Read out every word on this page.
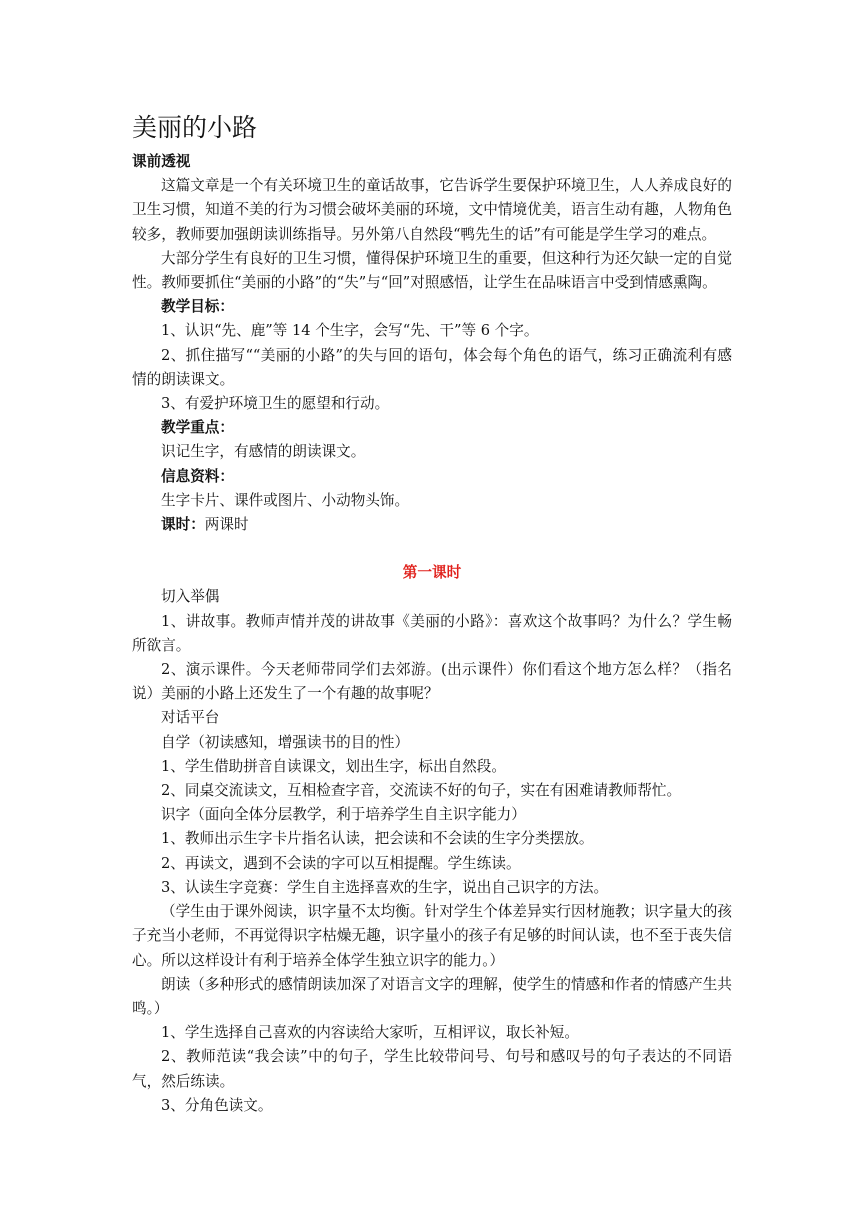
美丽的小路

课前透视

这篇文章是一个有关环境卫生的童话故事，它告诉学生要保护环境卫生，人人养成良好的卫生习惯，知道不美的行为习惯会破坏美丽的环境，文中情境优美，语言生动有趣，人物角色较多，教师要加强朗读训练指导。另外第八自然段“鸭先生的话”有可能是学生学习的难点。

大部分学生有良好的卫生习惯，懂得保护环境卫生的重要，但这种行为还欠缺一定的自觉性。教师要抓住“美丽的小路”的“失”与“回”对照感悟，让学生在品味语言中受到情感熏陶。

教学目标：

1、认识“先、鹿”等 14 个生字，会写“先、干”等 6 个字。

2、抓住描写““美丽的小路”的失与回的语句，体会每个角色的语气，练习正确流利有感情的朗读课文。

3、有爱护环境卫生的愿望和行动。

教学重点：

识记生字，有感情的朗读课文。

信息资料：

生字卡片、课件或图片、小动物头饰。

课时：两课时

第一课时

切入举偶

1、讲故事。教师声情并茂的讲故事《美丽的小路》：喜欢这个故事吗？为什么？学生畅所欲言。

2、演示课件。今天老师带同学们去郊游。(出示课件）你们看这个地方怎么样？（指名说）美丽的小路上还发生了一个有趣的故事呢？

对话平台

自学（初读感知，增强读书的目的性）

1、学生借助拼音自读课文，划出生字，标出自然段。

2、同桌交流读文，互相检查字音，交流读不好的句子，实在有困难请教师帮忙。

识字（面向全体分层教学，利于培养学生自主识字能力）

1、教师出示生字卡片指名认读，把会读和不会读的生字分类摆放。

2、再读文，遇到不会读的字可以互相提醒。学生练读。

3、认读生字竞赛：学生自主选择喜欢的生字，说出自己识字的方法。

（学生由于课外阅读，识字量不太均衡。针对学生个体差异实行因材施教；识字量大的孩子充当小老师，不再觉得识字枯燥无趣，识字量小的孩子有足够的时间认读，也不至于丧失信心。所以这样设计有利于培养全体学生独立识字的能力。）

朗读（多种形式的感情朗读加深了对语言文字的理解，使学生的情感和作者的情感产生共鸣。）

1、学生选择自己喜欢的内容读给大家听，互相评议，取长补短。

2、教师范读“我会读”中的句子，学生比较带问号、句号和感叹号的句子表达的不同语气，然后练读。

3、分角色读文。
